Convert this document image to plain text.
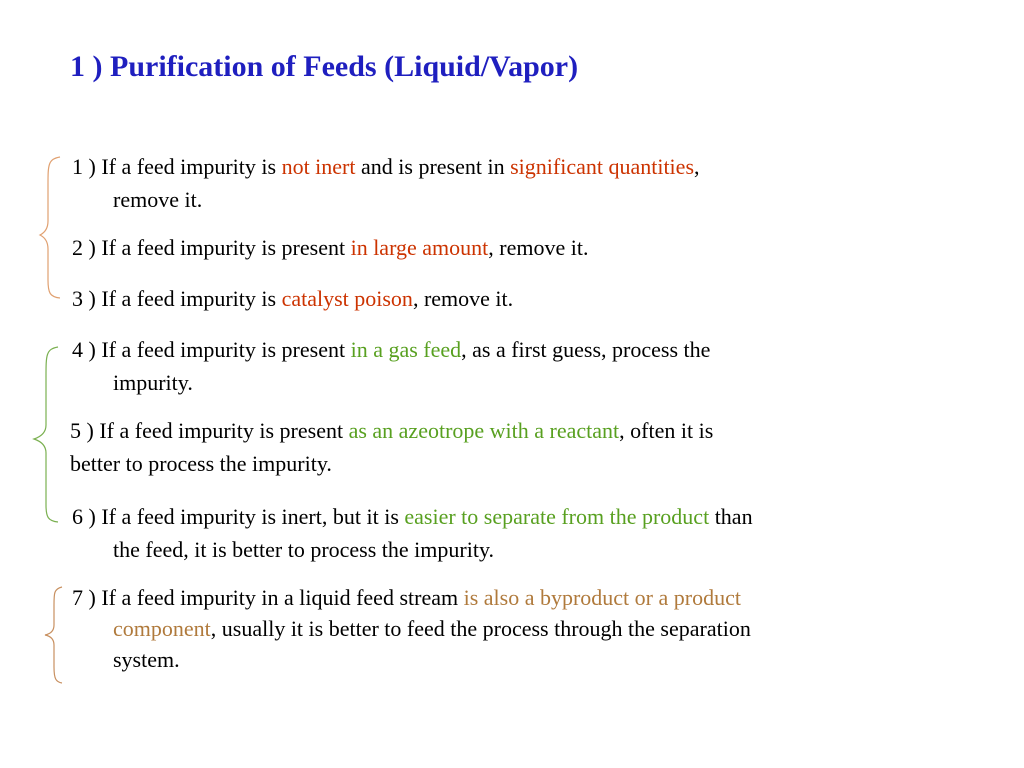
1 ) Purification of Feeds (Liquid/Vapor)
1 ) If a feed impurity is not inert and is present in significant quantities,
remove it.
2 ) If a feed impurity is present in large amount, remove it.
3 ) If a feed impurity is catalyst poison, remove it.
4 ) If a feed impurity is present in a gas feed, as a first guess, process the
impurity.
5 ) If a feed impurity is present as an azeotrope with a reactant, often it is
better to process the impurity.
6 ) If a feed impurity is inert, but it is easier to separate from the product than
the feed, it is better to process the impurity.
7 ) If a feed impurity in a liquid feed stream is also a byproduct or a product
component, usually it is better to feed the process through the separation
system.
